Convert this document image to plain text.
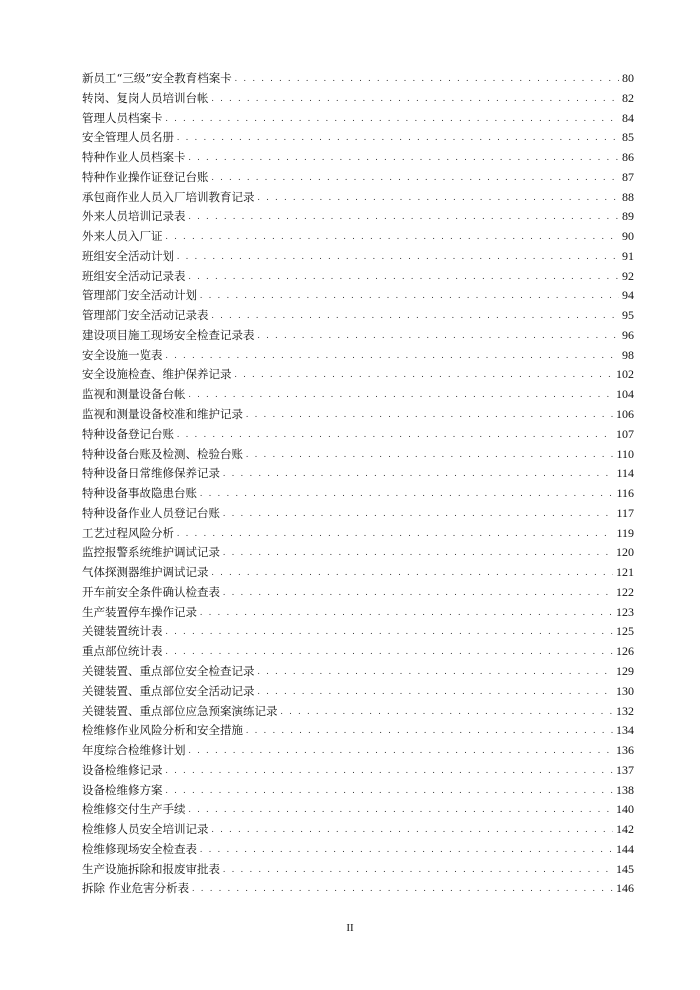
新员工“三级”安全教育档案卡 . . .	80
转岗、复岗人员培训台帐 . . .	82
管理人员档案卡 . . .	84
安全管理人员名册 . . .	85
特种作业人员档案卡 . . .	86
特种作业操作证登记台账 . . .	87
承包商作业人员入厂培训教育记录 . . .	88
外来人员培训记录表 . . .	89
外来人员入厂证 . . .	90
班组安全活动计划 . . .	91
班组安全活动记录表 . . .	92
管理部门安全活动计划 . . .	94
管理部门安全活动记录表 . . .	95
建设项目施工现场安全检查记录表 . . .	96
安全设施一览表 . . .	98
安全设施检查、维护保养记录 . . .	102
监视和测量设备台帐 . . .	104
监视和测量设备校准和维护记录 . . .	106
特种设备登记台账 . . .	107
特种设备台账及检测、检验台账 . . .	110
特种设备日常维修保养记录 . . .	114
特种设备事故隐患台账 . . .	116
特种设备作业人员登记台账 . . .	117
工艺过程风险分析 . . .	119
监控报警系统维护调试记录 . . .	120
气体探测器维护调试记录 . . .	121
开车前安全条件确认检查表 . . .	122
生产装置停车操作记录 . . .	123
关键装置统计表 . . .	125
重点部位统计表 . . .	126
关键装置、重点部位安全检查记录 . . .	129
关键装置、重点部位安全活动记录 . . .	130
关键装置、重点部位应急预案演练记录 . . .	132
检维修作业风险分析和安全措施 . . .	134
年度综合检维修计划 . . .	136
设备检维修记录 . . .	137
设备检维修方案 . . .	138
检维修交付生产手续 . . .	140
检维修人员安全培训记录 . . .	142
检维修现场安全检查表 . . .	144
生产设施拆除和报废审批表 . . .	145
拆除 作业危害分析表 . . .	146
II
